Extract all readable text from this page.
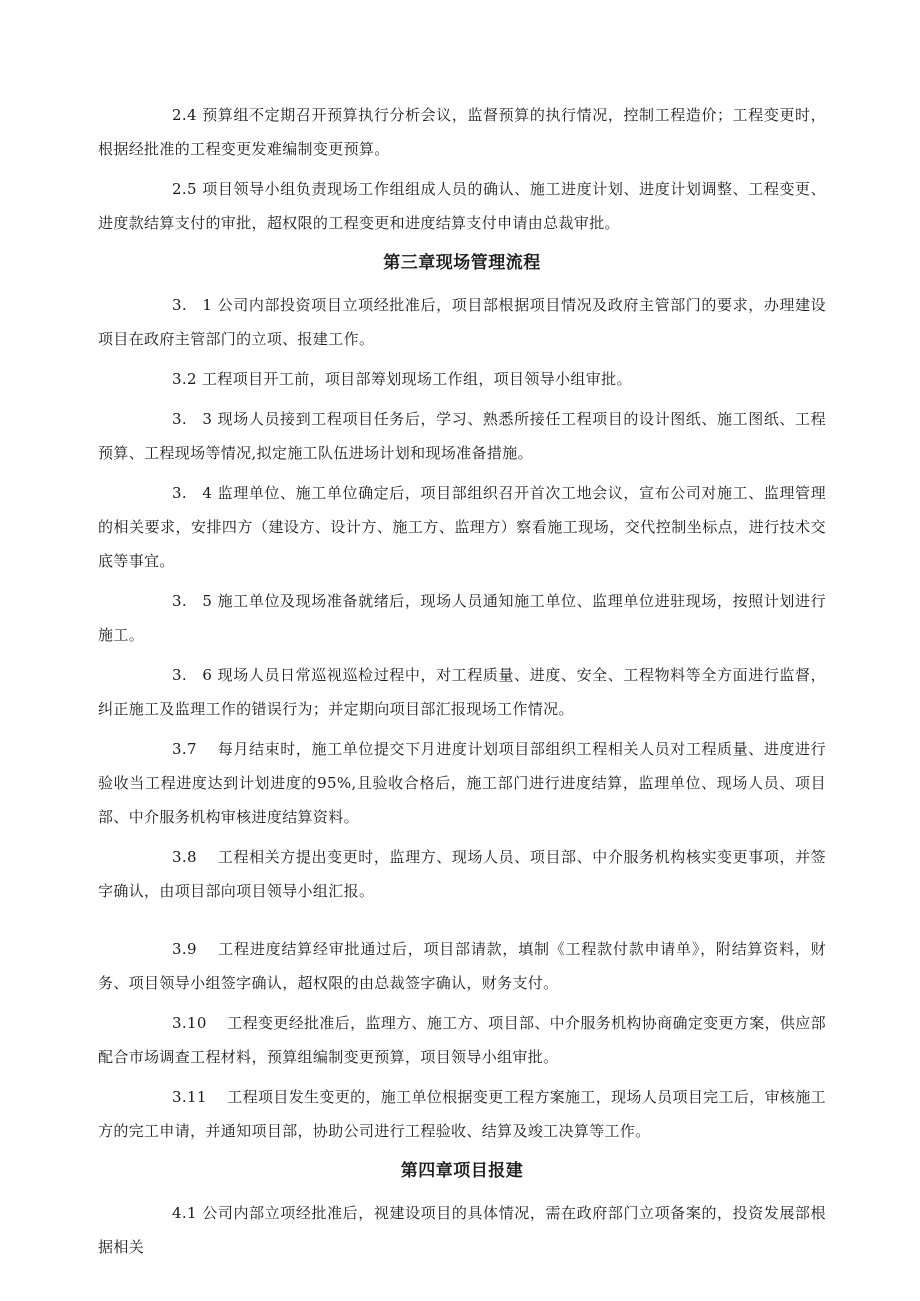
2.4 预算组不定期召开预算执行分析会议，监督预算的执行情况，控制工程造价；工程变更时，根据经批准的工程变更发难编制变更预算。

2.5 项目领导小组负责现场工作组组成人员的确认、施工进度计划、进度计划调整、工程变更、进度款结算支付的审批，超权限的工程变更和进度结算支付申请由总裁审批。

第三章现场管理流程

3.　1 公司内部投资项目立项经批准后，项目部根据项目情况及政府主管部门的要求，办理建设项目在政府主管部门的立项、报建工作。

3.2 工程项目开工前，项目部筹划现场工作组，项目领导小组审批。

3.　3 现场人员接到工程项目任务后，学习、熟悉所接任工程项目的设计图纸、施工图纸、工程预算、工程现场等情况,拟定施工队伍进场计划和现场准备措施。

3.　4 监理单位、施工单位确定后，项目部组织召开首次工地会议，宣布公司对施工、监理管理的相关要求，安排四方（建设方、设计方、施工方、监理方）察看施工现场，交代控制坐标点，进行技术交底等事宜。

3.　5 施工单位及现场准备就绪后，现场人员通知施工单位、监理单位进驻现场，按照计划进行施工。

3.　6 现场人员日常巡视巡检过程中，对工程质量、进度、安全、工程物料等全方面进行监督，纠正施工及监理工作的错误行为；并定期向项目部汇报现场工作情况。

3.7 　每月结束时，施工单位提交下月进度计划项目部组织工程相关人员对工程质量、进度进行验收当工程进度达到计划进度的95%,且验收合格后，施工部门进行进度结算，监理单位、现场人员、项目部、中介服务机构审核进度结算资料。

3.8 　工程相关方提出变更时，监理方、现场人员、项目部、中介服务机构核实变更事项，并签字确认，由项目部向项目领导小组汇报。

3.9 　工程进度结算经审批通过后，项目部请款，填制《工程款付款申请单》，附结算资料，财务、项目领导小组签字确认，超权限的由总裁签字确认，财务支付。

3.10 　工程变更经批准后，监理方、施工方、项目部、中介服务机构协商确定变更方案，供应部配合市场调查工程材料，预算组编制变更预算，项目领导小组审批。

3.11 　工程项目发生变更的，施工单位根据变更工程方案施工，现场人员项目完工后，审核施工方的完工申请，并通知项目部，协助公司进行工程验收、结算及竣工决算等工作。

第四章项目报建

4.1 公司内部立项经批准后，视建设项目的具体情况，需在政府部门立项备案的，投资发展部根据相关
